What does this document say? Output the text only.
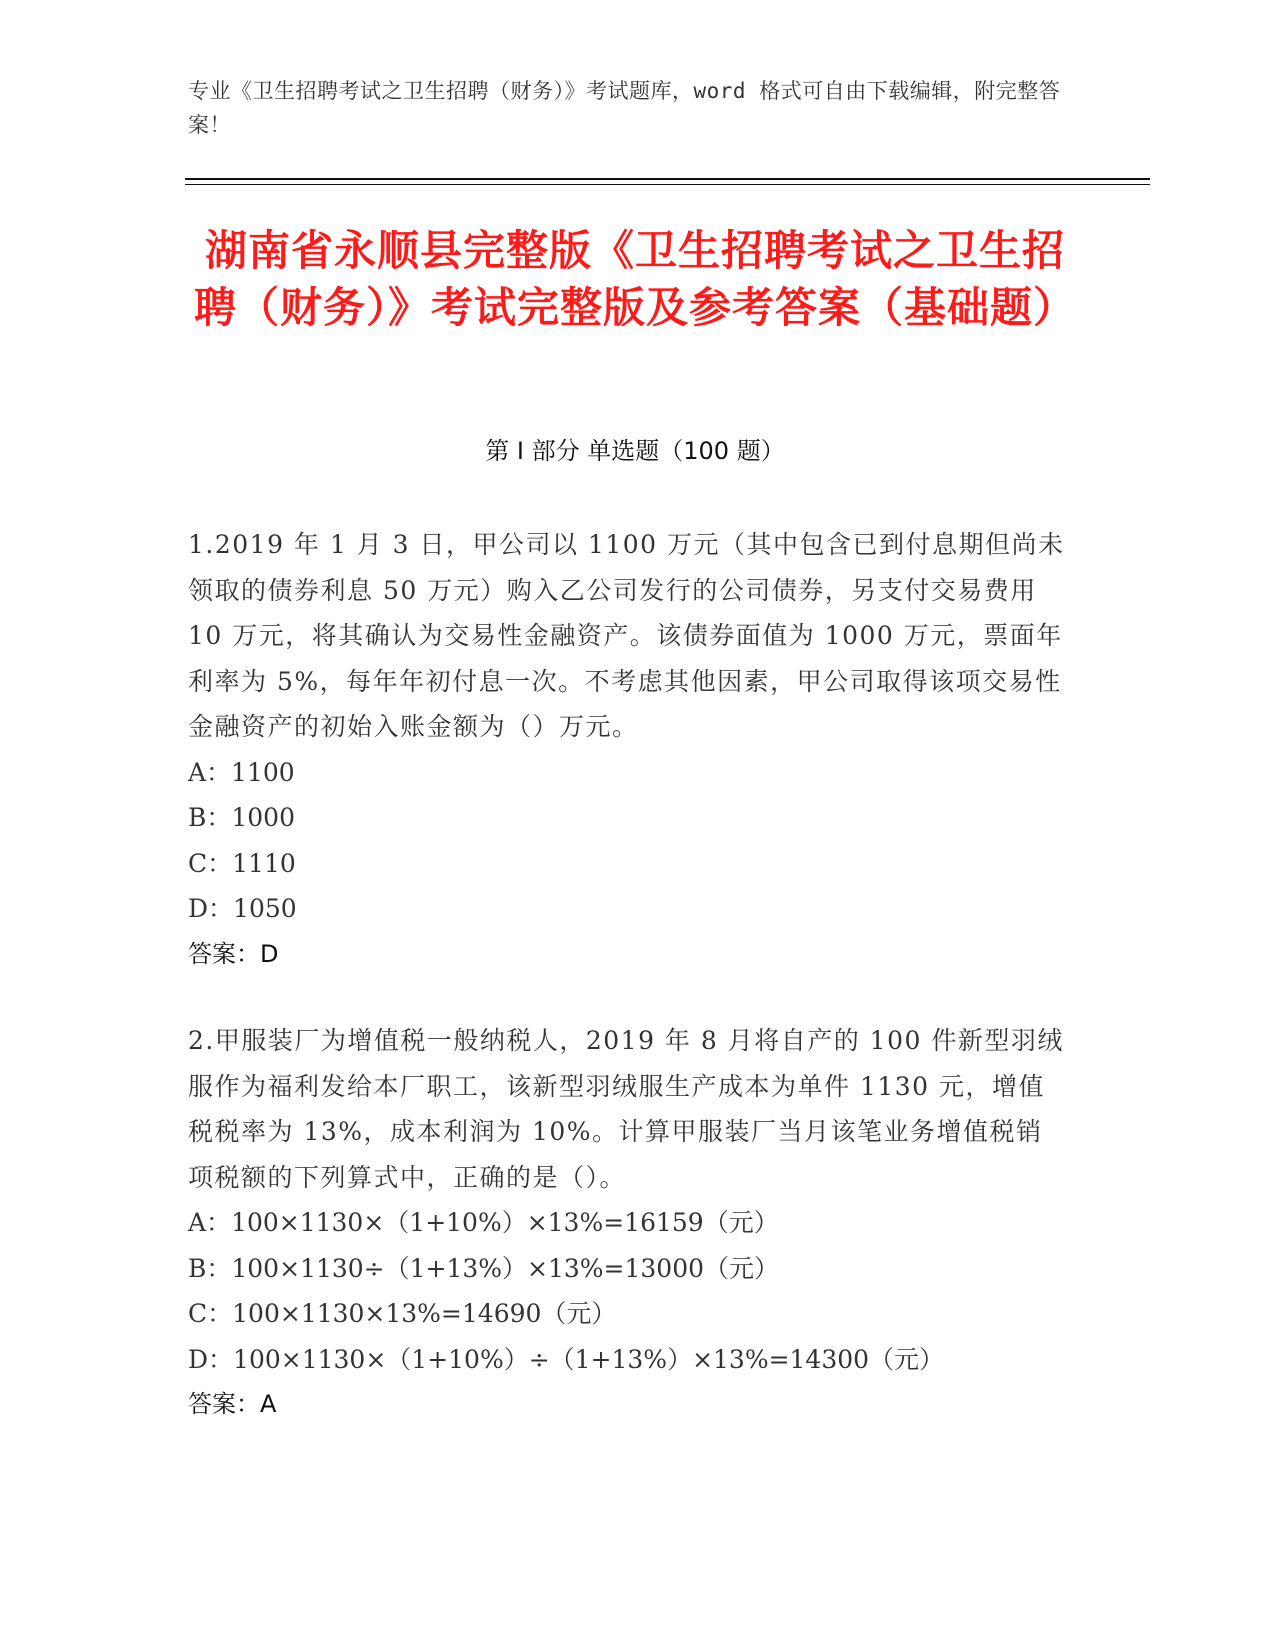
专业《卫生招聘考试之卫生招聘（财务）》考试题库，word 格式可自由下载编辑，附完整答案！
湖南省永顺县完整版《卫生招聘考试之卫生招聘（财务）》考试完整版及参考答案（基础题）
第 I 部分 单选题（100 题）

1.2019 年 1 月 3 日，甲公司以 1100 万元（其中包含已到付息期但尚未领取的债券利息 50 万元）购入乙公司发行的公司债券，另支付交易费用 10 万元，将其确认为交易性金融资产。该债券面值为 1000 万元，票面年利率为 5%，每年年初付息一次。不考虑其他因素，甲公司取得该项交易性金融资产的初始入账金额为（）万元。

A：1100
B：1000
C：1110
D：1050
答案：D

2.甲服装厂为增值税一般纳税人，2019 年 8 月将自产的 100 件新型羽绒服作为福利发给本厂职工，该新型羽绒服生产成本为单件 1130 元，增值税税率为 13%，成本利润为 10%。计算甲服装厂当月该笔业务增值税销项税额的下列算式中，正确的是（）。

A：100×1130×（1+10%）×13%=16159（元）
B：100×1130÷（1+13%）×13%=13000（元）
C：100×1130×13%=14690（元）
D：100×1130×（1+10%）÷（1+13%）×13%=14300（元）
答案：A
